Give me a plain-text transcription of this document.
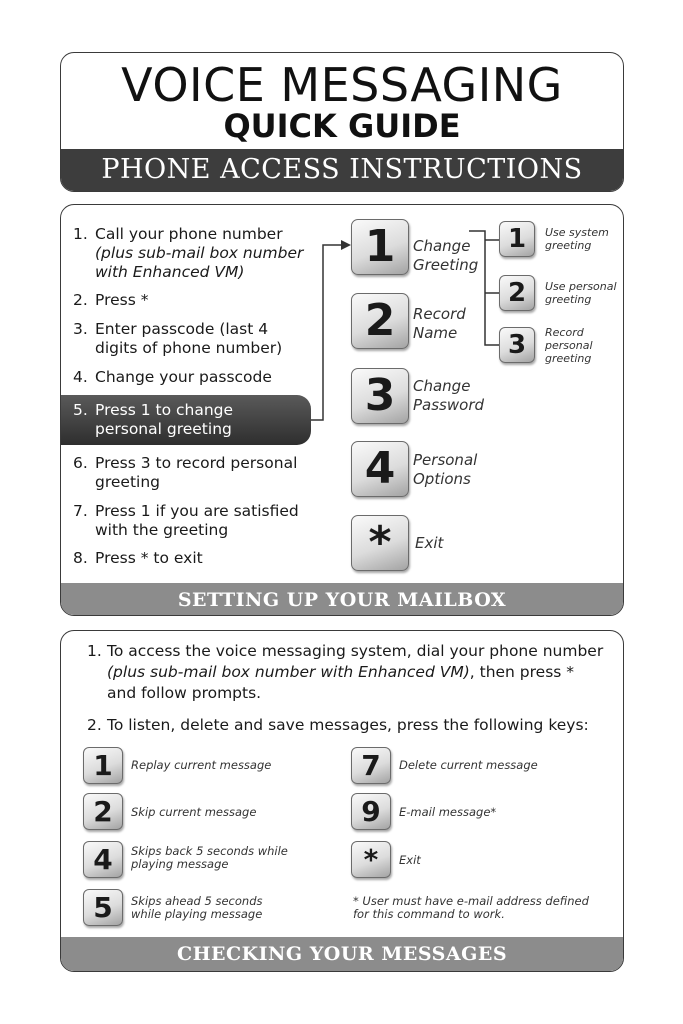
VOICE MESSAGING
QUICK GUIDE
PHONE ACCESS INSTRUCTIONS
1. Call your phone number
(plus sub-mail box number with Enhanced VM)
2. Press *
3. Enter passcode (last 4 digits of phone number)
4. Change your passcode
5. Press 1 to change personal greeting
6. Press 3 to record personal greeting
7. Press 1 if you are satisfied with the greeting
8. Press * to exit
1	Change Greeting
2	Record Name
3	Change Password
4	Personal Options
*	Exit
1	Use system greeting
2	Use personal greeting
3	Record personal greeting
SETTING UP YOUR MAILBOX
1. To access the voice messaging system, dial your phone number (plus sub-mail box number with Enhanced VM), then press * and follow prompts.
2. To listen, delete and save messages, press the following keys:
1	Replay current message
2	Skip current message
4	Skips back 5 seconds while playing message
5	Skips ahead 5 seconds while playing message
7	Delete current message
9	E-mail message*
*	Exit
* User must have e-mail address defined for this command to work.
CHECKING YOUR MESSAGES
